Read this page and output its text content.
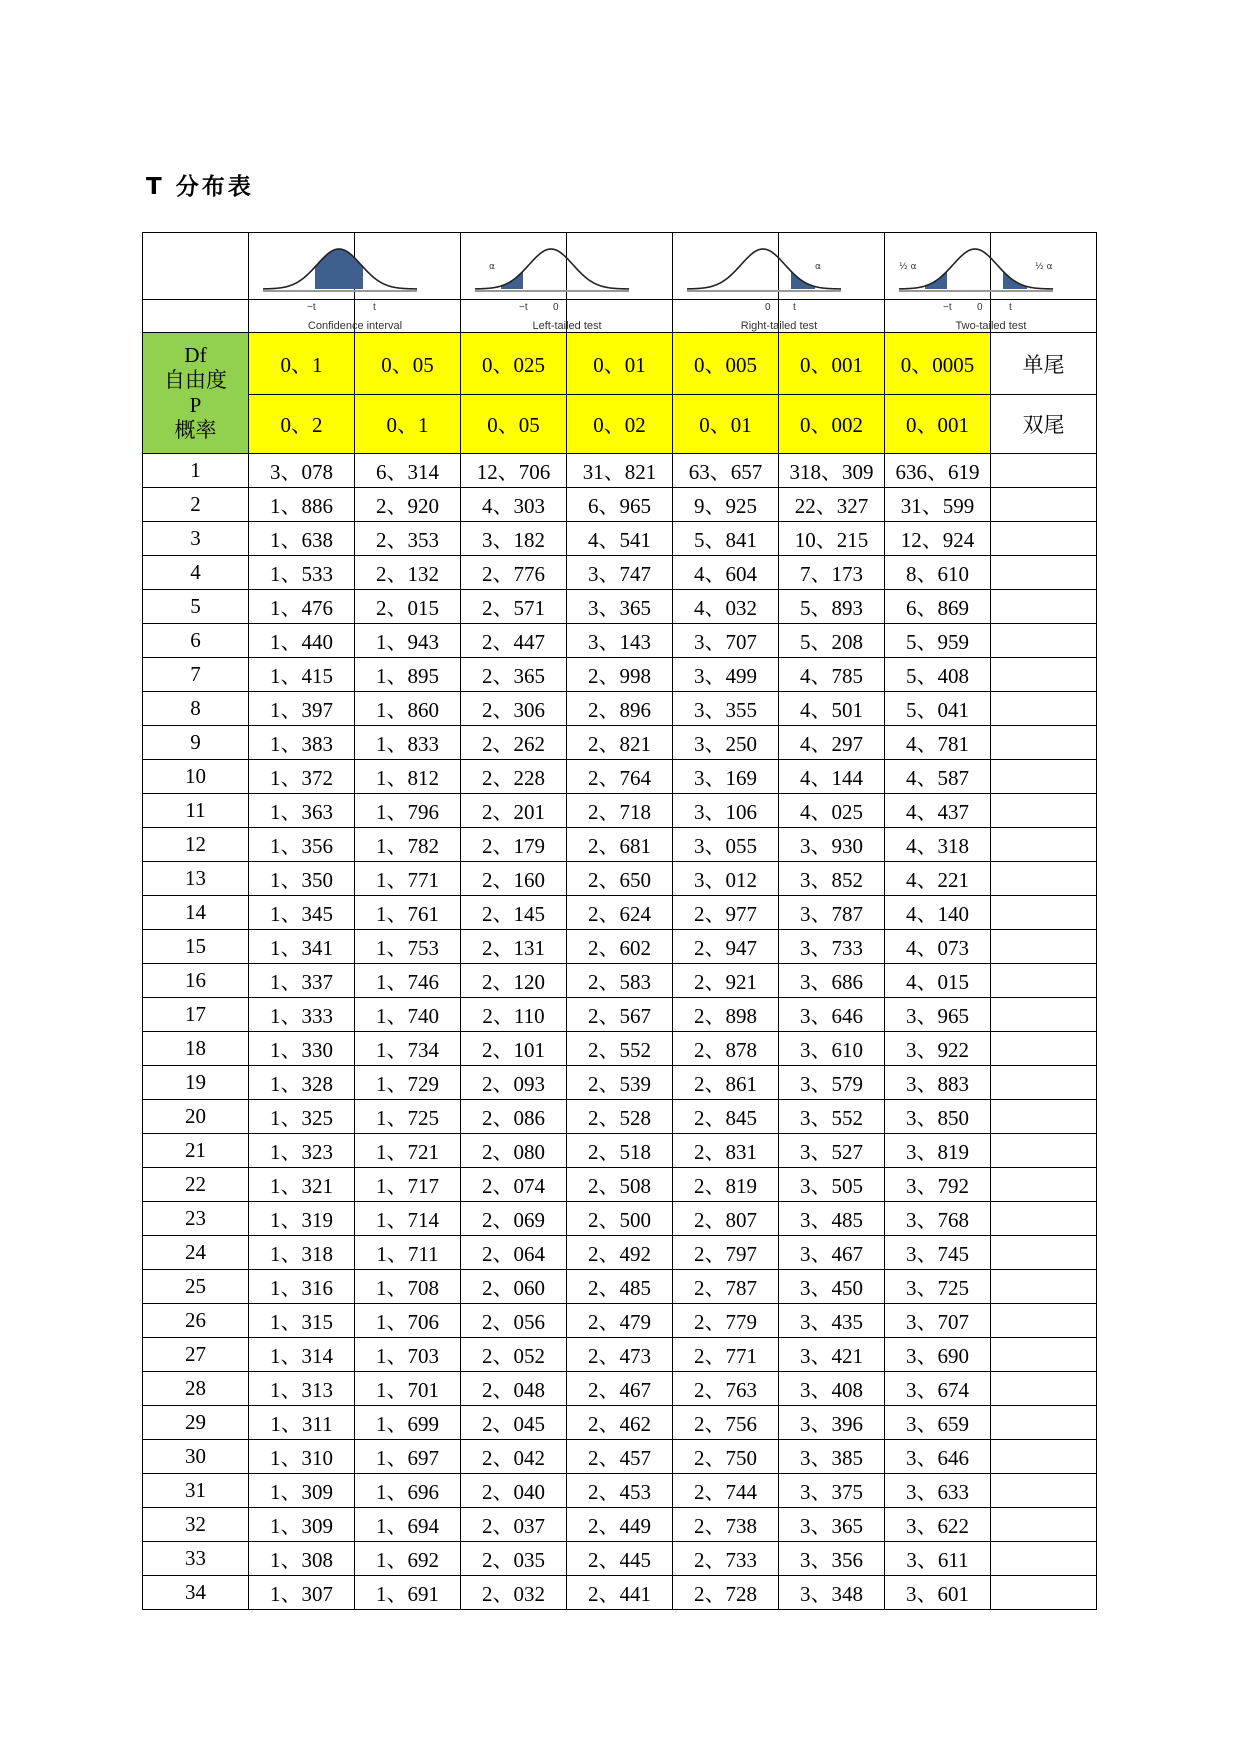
T 分布表

α		α		½ α ½ α	

	−t t
Confidence interval		−t 0
Left-tailed test		0 t
Right-tailed test		−t 0 t
Two-tailed test	

Df
自由度
P
概率	0、1	0、05	0、025	0、01	0、005	0、001	0、0005	单尾
	0、2	0、1	0、05	0、02	0、01	0、002	0、001	双尾
1	3、078	6、314	12、706	31、821	63、657	318、309	636、619	
2	1、886	2、920	4、303	6、965	9、925	22、327	31、599	
3	1、638	2、353	3、182	4、541	5、841	10、215	12、924	
4	1、533	2、132	2、776	3、747	4、604	7、173	8、610	
5	1、476	2、015	2、571	3、365	4、032	5、893	6、869	
6	1、440	1、943	2、447	3、143	3、707	5、208	5、959	
7	1、415	1、895	2、365	2、998	3、499	4、785	5、408	
8	1、397	1、860	2、306	2、896	3、355	4、501	5、041	
9	1、383	1、833	2、262	2、821	3、250	4、297	4、781	
10	1、372	1、812	2、228	2、764	3、169	4、144	4、587	
11	1、363	1、796	2、201	2、718	3、106	4、025	4、437	
12	1、356	1、782	2、179	2、681	3、055	3、930	4、318	
13	1、350	1、771	2、160	2、650	3、012	3、852	4、221	
14	1、345	1、761	2、145	2、624	2、977	3、787	4、140	
15	1、341	1、753	2、131	2、602	2、947	3、733	4、073	
16	1、337	1、746	2、120	2、583	2、921	3、686	4、015	
17	1、333	1、740	2、110	2、567	2、898	3、646	3、965	
18	1、330	1、734	2、101	2、552	2、878	3、610	3、922	
19	1、328	1、729	2、093	2、539	2、861	3、579	3、883	
20	1、325	1、725	2、086	2、528	2、845	3、552	3、850	
21	1、323	1、721	2、080	2、518	2、831	3、527	3、819	
22	1、321	1、717	2、074	2、508	2、819	3、505	3、792	
23	1、319	1、714	2、069	2、500	2、807	3、485	3、768	
24	1、318	1、711	2、064	2、492	2、797	3、467	3、745	
25	1、316	1、708	2、060	2、485	2、787	3、450	3、725	
26	1、315	1、706	2、056	2、479	2、779	3、435	3、707	
27	1、314	1、703	2、052	2、473	2、771	3、421	3、690	
28	1、313	1、701	2、048	2、467	2、763	3、408	3、674	
29	1、311	1、699	2、045	2、462	2、756	3、396	3、659	
30	1、310	1、697	2、042	2、457	2、750	3、385	3、646	
31	1、309	1、696	2、040	2、453	2、744	3、375	3、633	
32	1、309	1、694	2、037	2、449	2、738	3、365	3、622	
33	1、308	1、692	2、035	2、445	2、733	3、356	3、611	
34	1、307	1、691	2、032	2、441	2、728	3、348	3、601	
